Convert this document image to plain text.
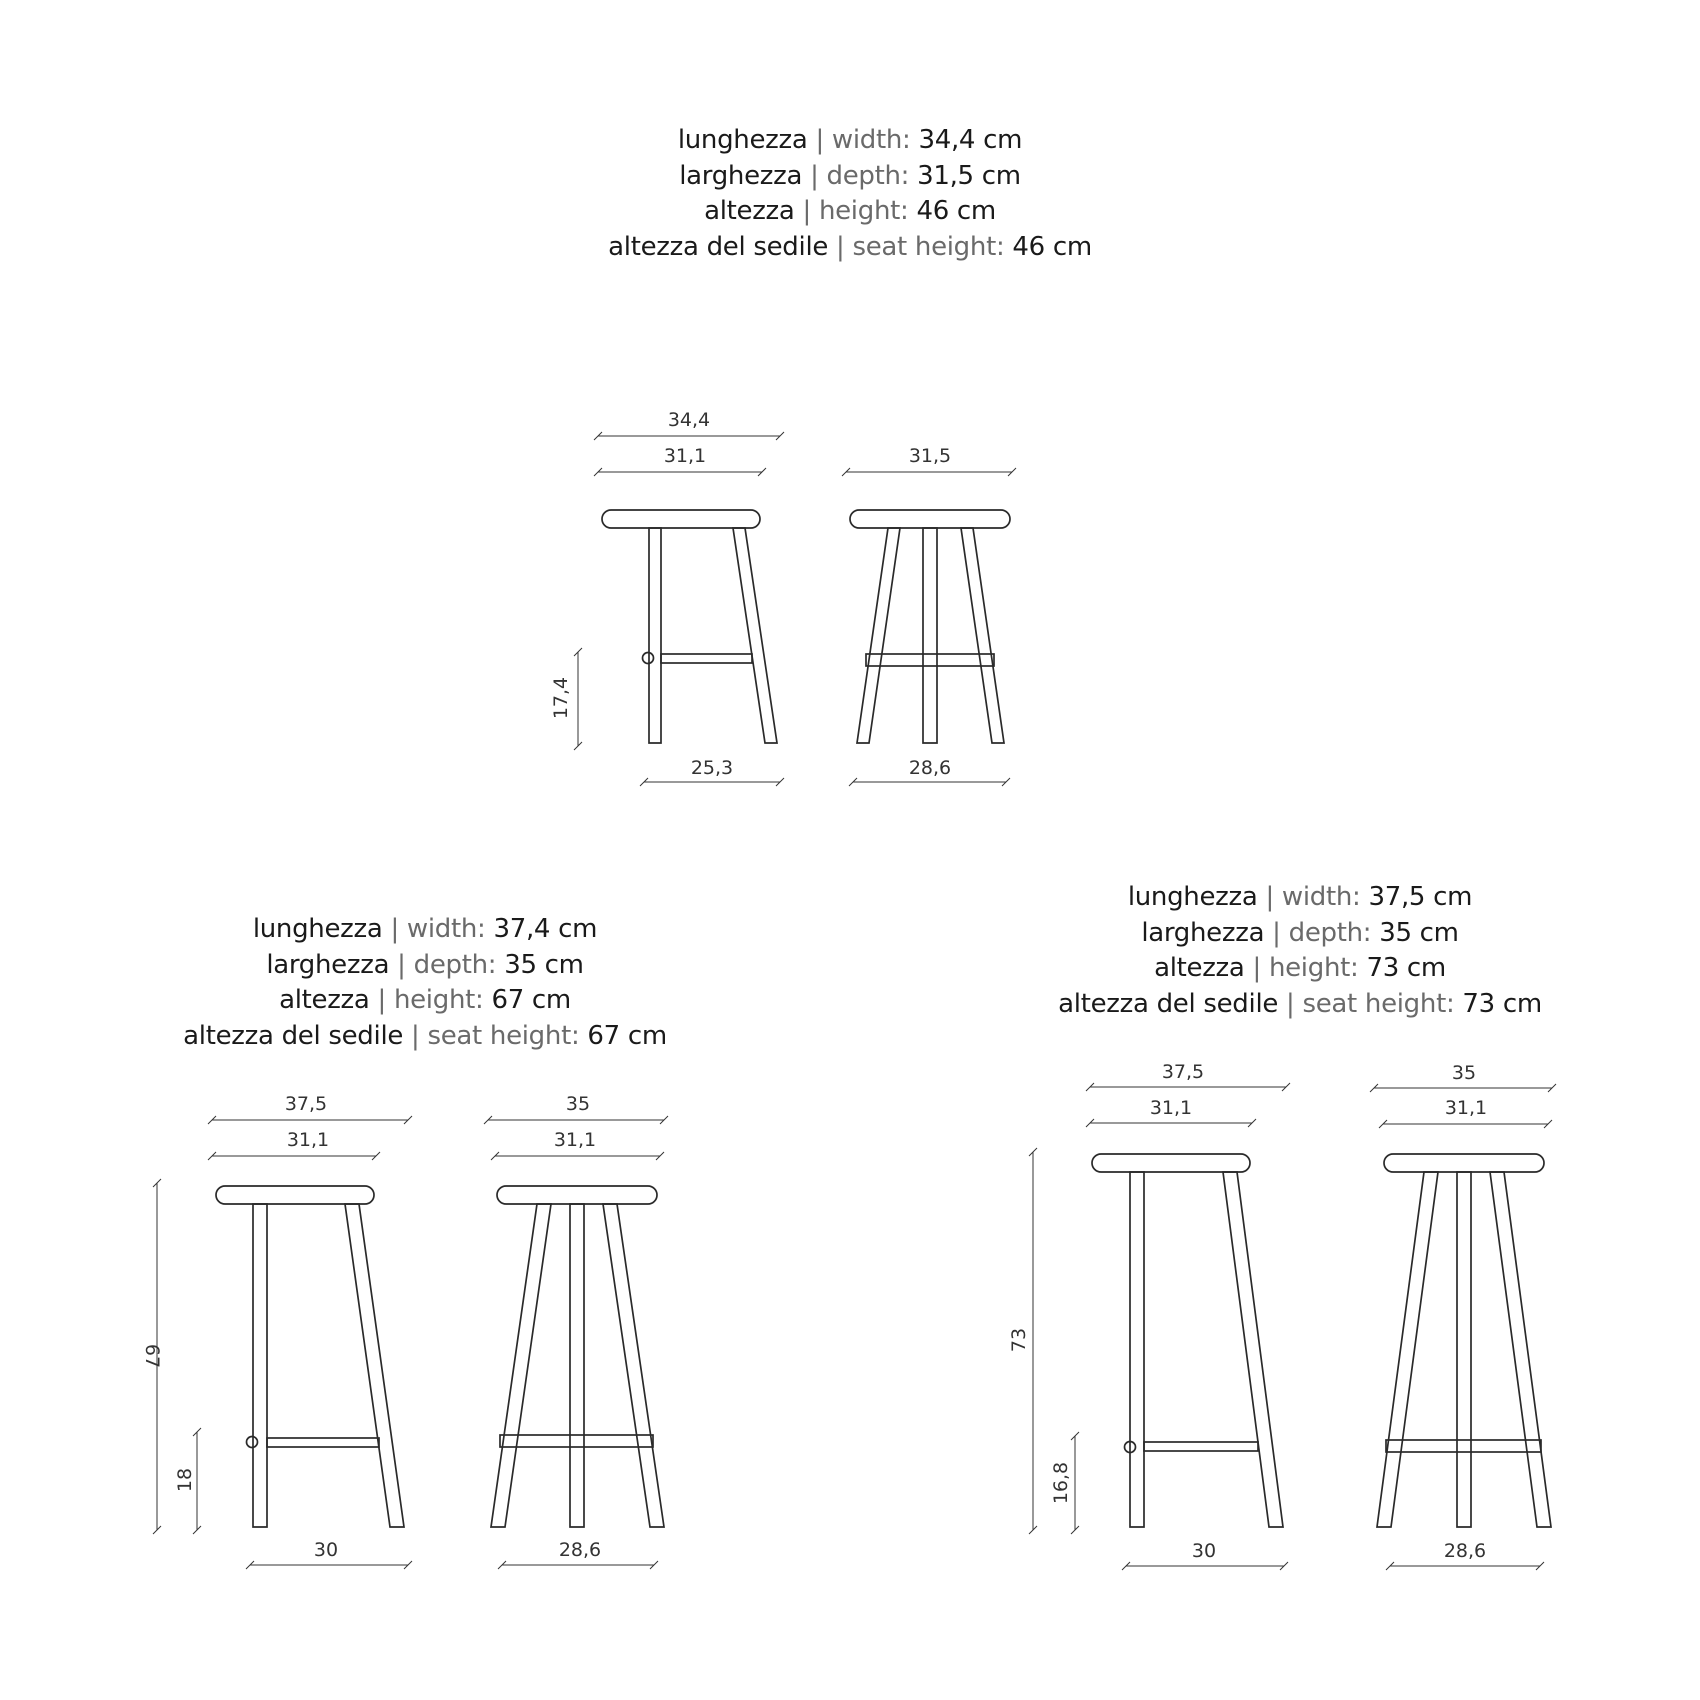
lunghezza | width: 34,4 cm
larghezza | depth: 31,5 cm
altezza | height: 46 cm
altezza del sedile | seat height: 46 cm
lunghezza | width: 37,4 cm
larghezza | depth: 35 cm
altezza | height: 67 cm
altezza del sedile | seat height: 67 cm
lunghezza | width: 37,5 cm
larghezza | depth: 35 cm
altezza | height: 73 cm
altezza del sedile | seat height: 73 cm
34,4
31,1
25,3
17,4
31,5
28,6
37,5
31,1
30
67
18
35
31,1
28,6
37,5
31,1
30
73
16,8
35
31,1
28,6
